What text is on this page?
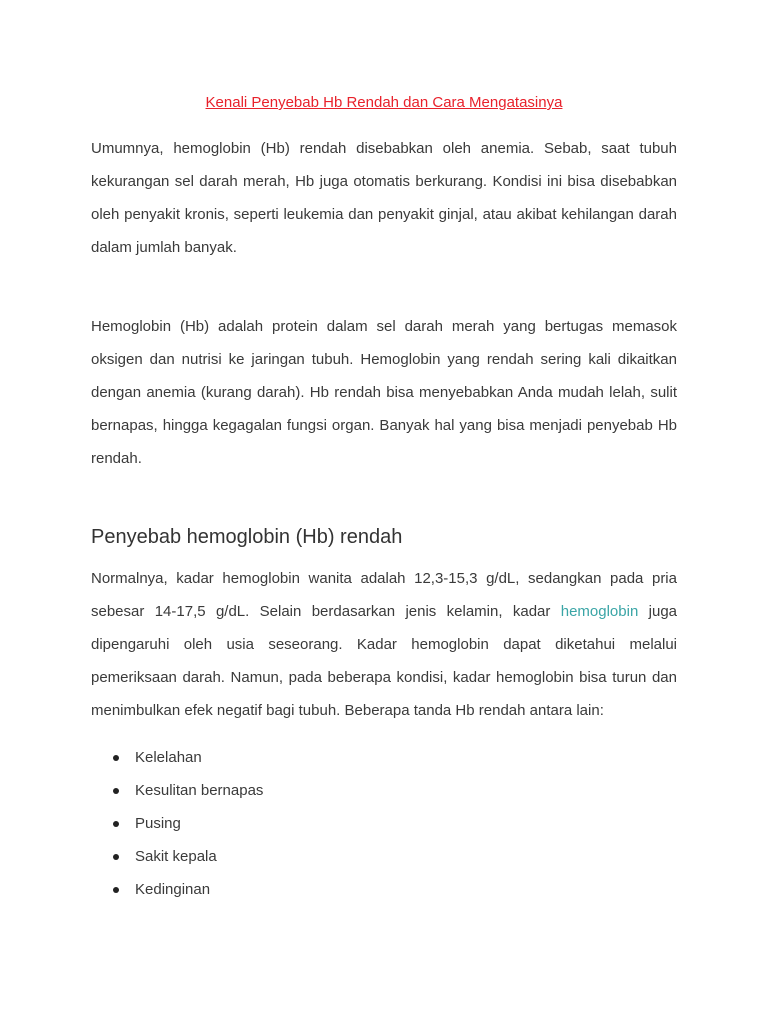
Kenali Penyebab Hb Rendah dan Cara Mengatasinya

Umumnya, hemoglobin (Hb) rendah disebabkan oleh anemia. Sebab, saat tubuh kekurangan sel darah merah, Hb juga otomatis berkurang. Kondisi ini bisa disebabkan oleh penyakit kronis, seperti leukemia dan penyakit ginjal, atau akibat kehilangan darah dalam jumlah banyak.

Hemoglobin (Hb) adalah protein dalam sel darah merah yang bertugas memasok oksigen dan nutrisi ke jaringan tubuh. Hemoglobin yang rendah sering kali dikaitkan dengan anemia (kurang darah). Hb rendah bisa menyebabkan Anda mudah lelah, sulit bernapas, hingga kegagalan fungsi organ. Banyak hal yang bisa menjadi penyebab Hb rendah.

Penyebab hemoglobin (Hb) rendah

Normalnya, kadar hemoglobin wanita adalah 12,3-15,3 g/dL, sedangkan pada pria sebesar 14-17,5 g/dL. Selain berdasarkan jenis kelamin, kadar hemoglobin juga dipengaruhi oleh usia seseorang. Kadar hemoglobin dapat diketahui melalui pemeriksaan darah. Namun, pada beberapa kondisi, kadar hemoglobin bisa turun dan menimbulkan efek negatif bagi tubuh. Beberapa tanda Hb rendah antara lain:

Kelelahan
Kesulitan bernapas
Pusing
Sakit kepala
Kedinginan
